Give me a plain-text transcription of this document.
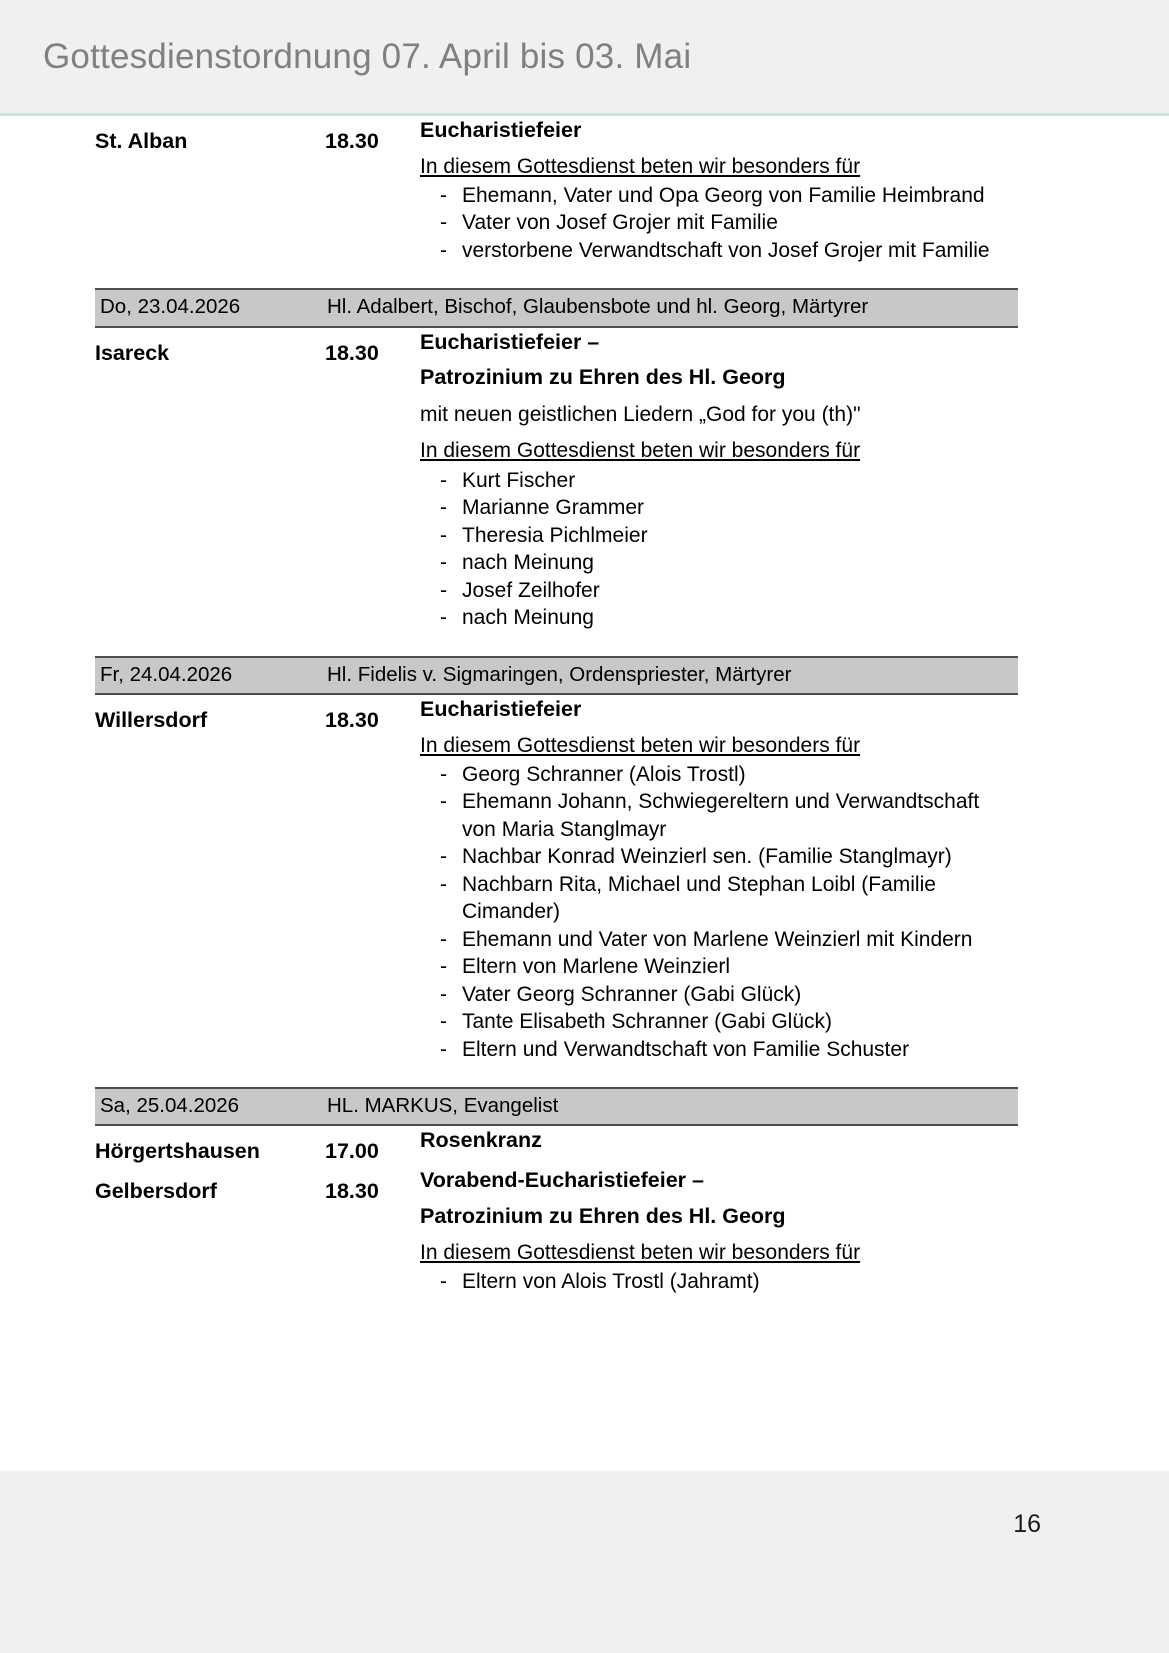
Gottesdienstordnung 07. April bis 03. Mai
St. Alban	18.30	Eucharistiefeier
In diesem Gottesdienst beten wir besonders für
- Ehemann, Vater und Opa Georg von Familie Heimbrand
- Vater von Josef Grojer mit Familie
- verstorbene Verwandtschaft von Josef Grojer mit Familie

Do, 23.04.2026	Hl. Adalbert, Bischof, Glaubensbote und hl. Georg, Märtyrer	

Isareck	18.30	Eucharistiefeier –
Patrozinium zu Ehren des Hl. Georg
mit neuen geistlichen Liedern „God for you (th)"
In diesem Gottesdienst beten wir besonders für
- Kurt Fischer
- Marianne Grammer
- Theresia Pichlmeier
- nach Meinung
- Josef Zeilhofer
- nach Meinung

Fr, 24.04.2026	Hl. Fidelis v. Sigmaringen, Ordenspriester, Märtyrer	

Willersdorf	18.30	Eucharistiefeier
In diesem Gottesdienst beten wir besonders für
- Georg Schranner (Alois Trostl)
- Ehemann Johann, Schwiegereltern und Verwandtschaft von Maria Stanglmayr
- Nachbar Konrad Weinzierl sen. (Familie Stanglmayr)
- Nachbarn Rita, Michael und Stephan Loibl (Familie Cimander)
- Ehemann und Vater von Marlene Weinzierl mit Kindern
- Eltern von Marlene Weinzierl
- Vater Georg Schranner (Gabi Glück)
- Tante Elisabeth Schranner (Gabi Glück)
- Eltern und Verwandtschaft von Familie Schuster

Sa, 25.04.2026	HL. MARKUS, Evangelist	

Hörgertshausen	17.00	Rosenkranz

Gelbersdorf	18.30	Vorabend-Eucharistiefeier –
Patrozinium zu Ehren des Hl. Georg
In diesem Gottesdienst beten wir besonders für
- Eltern von Alois Trostl (Jahramt)
16
